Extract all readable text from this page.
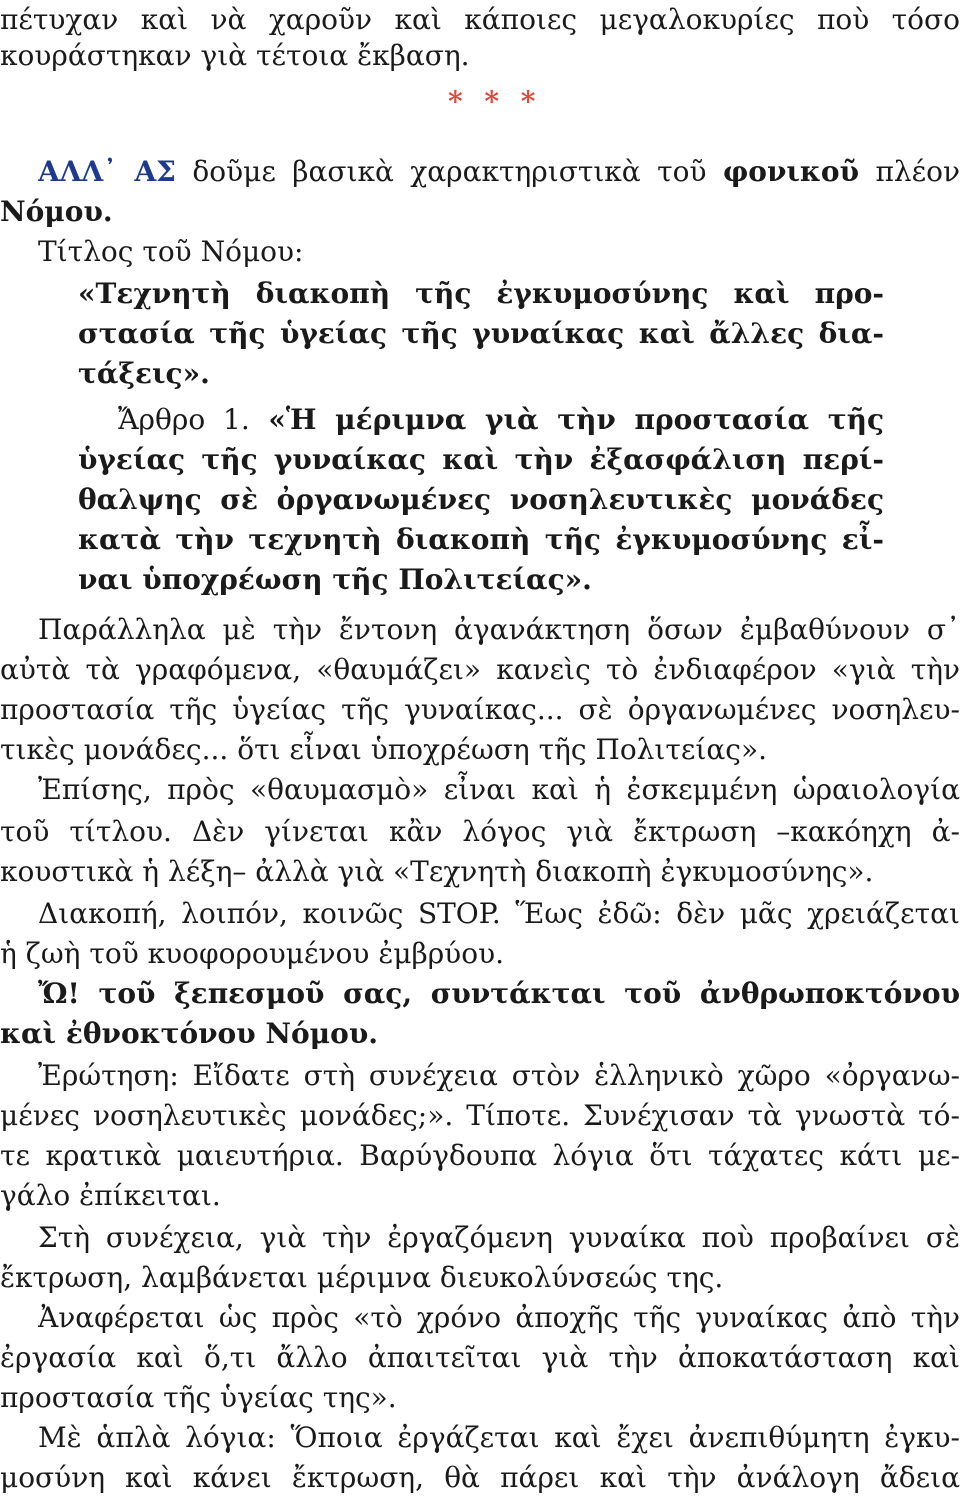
πέτυχαν καὶ νὰ χαροῦν καὶ κάποιες μεγαλοκυρίες ποὺ τόσο
κουράστηκαν γιὰ τέτοια ἔκβαση.
* * *
ΑΛΛ᾽ ΑΣ δοῦμε βασικὰ χαρακτηριστικὰ τοῦ φονικοῦ πλέον
Νόμου.
Τίτλος τοῦ Νόμου:
«Τεχνητὴ διακοπὴ τῆς ἐγκυμοσύνης καὶ προ-
στασία τῆς ὑγείας τῆς γυναίκας καὶ ἄλλες δια-
τάξεις».
Ἄρθρο 1. «Ἡ μέριμνα γιὰ τὴν προστασία τῆς
ὑγείας τῆς γυναίκας καὶ τὴν ἐξασφάλιση περί-
θαλψης σὲ ὀργανωμένες νοσηλευτικὲς μονάδες
κατὰ τὴν τεχνητὴ διακοπὴ τῆς ἐγκυμοσύνης εἶ-
ναι ὑποχρέωση τῆς Πολιτείας».
Παράλληλα μὲ τὴν ἔντονη ἀγανάκτηση ὅσων ἐμβαθύνουν σ᾽
αὐτὰ τὰ γραφόμενα, «θαυμάζει» κανεὶς τὸ ἐνδιαφέρον «γιὰ τὴν
προστασία τῆς ὑγείας τῆς γυναίκας... σὲ ὀργανωμένες νοσηλευ-
τικὲς μονάδες... ὅτι εἶναι ὑποχρέωση τῆς Πολιτείας».
Ἐπίσης, πρὸς «θαυμασμὸ» εἶναι καὶ ἡ ἐσκεμμένη ὡραιολογία
τοῦ τίτλου. Δὲν γίνεται κἂν λόγος γιὰ ἔκτρωση –κακόηχη ἀ-
κουστικὰ ἡ λέξη– ἀλλὰ γιὰ «Τεχνητὴ διακοπὴ ἐγκυμοσύνης».
Διακοπή, λοιπόν, κοινῶς STOP. Ἕως ἐδῶ: δὲν μᾶς χρειάζεται
ἡ ζωὴ τοῦ κυοφορουμένου ἐμβρύου.
Ὤ! τοῦ ξεπεσμοῦ σας, συντάκται τοῦ ἀνθρωποκτόνου
καὶ ἐθνοκτόνου Νόμου.
Ἐρώτηση: Εἴδατε στὴ συνέχεια στὸν ἑλληνικὸ χῶρο «ὀργανω-
μένες νοσηλευτικὲς μονάδες;». Τίποτε. Συνέχισαν τὰ γνωστὰ τό-
τε κρατικὰ μαιευτήρια. Βαρύγδουπα λόγια ὅτι τάχατες κάτι με-
γάλο ἐπίκειται.
Στὴ συνέχεια, γιὰ τὴν ἐργαζόμενη γυναίκα ποὺ προβαίνει σὲ
ἔκτρωση, λαμβάνεται μέριμνα διευκολύνσεώς της.
Ἀναφέρεται ὡς πρὸς «τὸ χρόνο ἀποχῆς τῆς γυναίκας ἀπὸ τὴν
ἐργασία καὶ ὅ,τι ἄλλο ἀπαιτεῖται γιὰ τὴν ἀποκατάσταση καὶ
προστασία τῆς ὑγείας της».
Μὲ ἁπλὰ λόγια: Ὅποια ἐργάζεται καὶ ἔχει ἀνεπιθύμητη ἐγκυ-
μοσύνη καὶ κάνει ἔκτρωση, θὰ πάρει καὶ τὴν ἀνάλογη ἄδεια
